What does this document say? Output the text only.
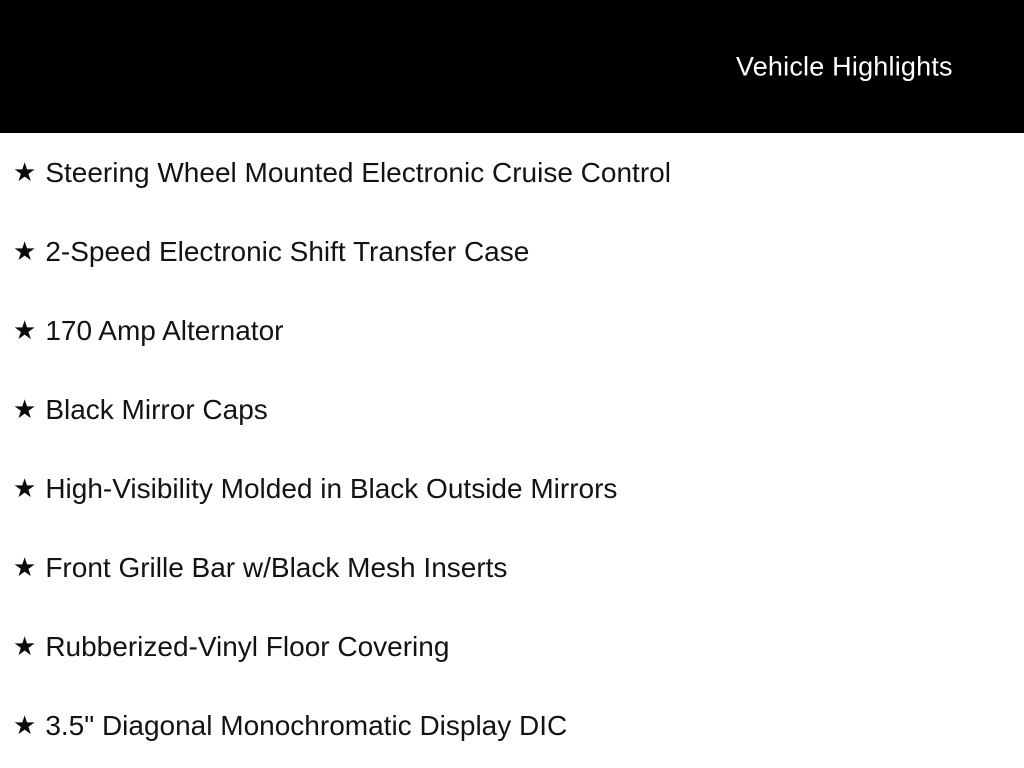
Vehicle Highlights
★ Steering Wheel Mounted Electronic Cruise Control
★ 2-Speed Electronic Shift Transfer Case
★ 170 Amp Alternator
★ Black Mirror Caps
★ High-Visibility Molded in Black Outside Mirrors
★ Front Grille Bar w/Black Mesh Inserts
★ Rubberized-Vinyl Floor Covering
★ 3.5" Diagonal Monochromatic Display DIC
